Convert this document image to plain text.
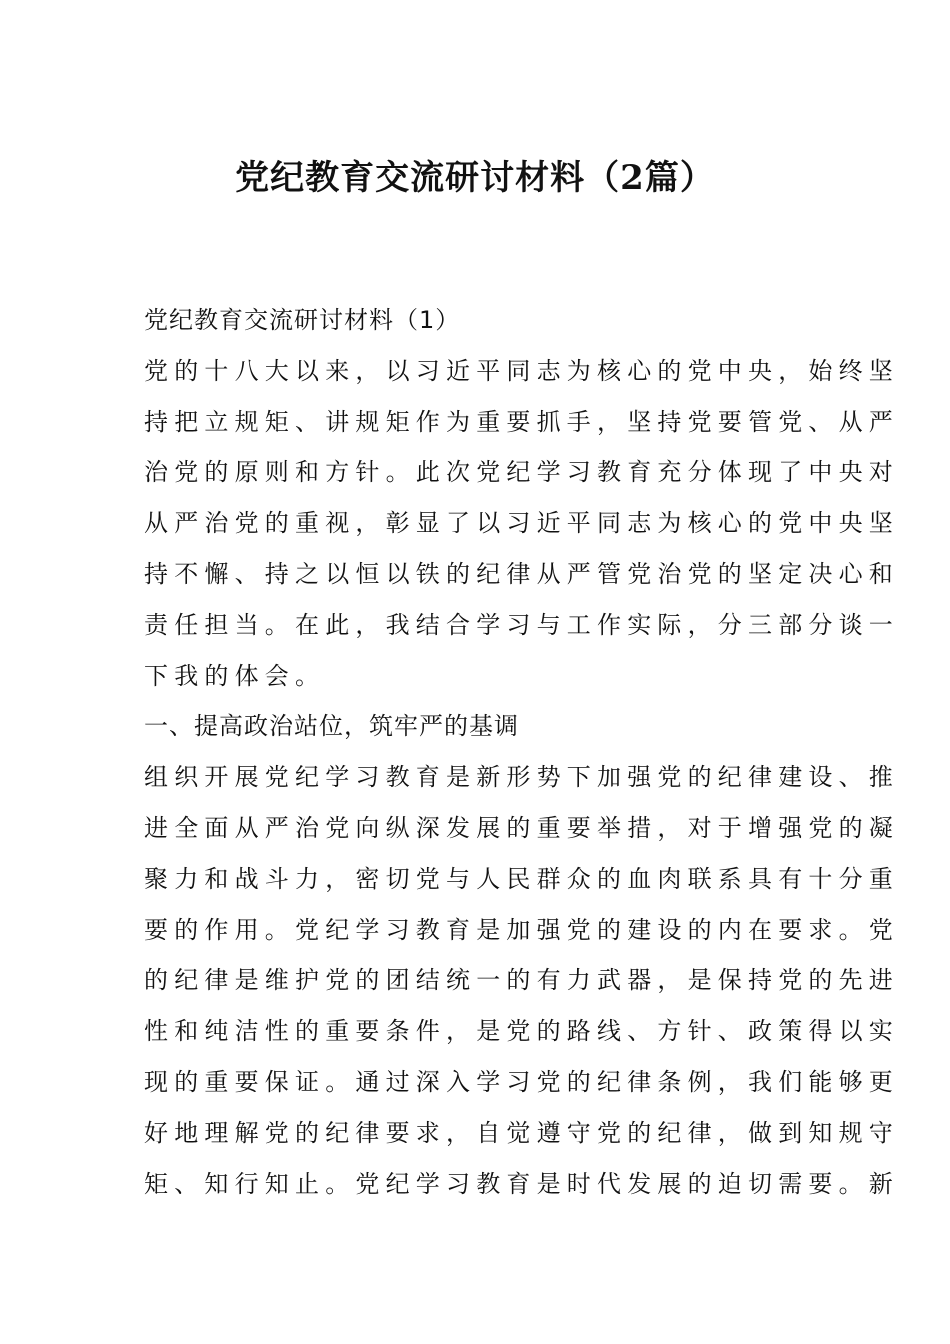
党纪教育交流研讨材料（2篇）
党纪教育交流研讨材料（1）
党的十八大以来，以习近平同志为核心的党中央，始终坚
持把立规矩、讲规矩作为重要抓手，坚持党要管党、从严
治党的原则和方针。此次党纪学习教育充分体现了中央对
从严治党的重视，彰显了以习近平同志为核心的党中央坚
持不懈、持之以恒以铁的纪律从严管党治党的坚定决心和
责任担当。在此，我结合学习与工作实际，分三部分谈一
下我的体会。
一、提高政治站位，筑牢严的基调
组织开展党纪学习教育是新形势下加强党的纪律建设、推
进全面从严治党向纵深发展的重要举措，对于增强党的凝
聚力和战斗力，密切党与人民群众的血肉联系具有十分重
要的作用。党纪学习教育是加强党的建设的内在要求。党
的纪律是维护党的团结统一的有力武器，是保持党的先进
性和纯洁性的重要条件，是党的路线、方针、政策得以实
现的重要保证。通过深入学习党的纪律条例，我们能够更
好地理解党的纪律要求，自觉遵守党的纪律，做到知规守
矩、知行知止。党纪学习教育是时代发展的迫切需要。新
